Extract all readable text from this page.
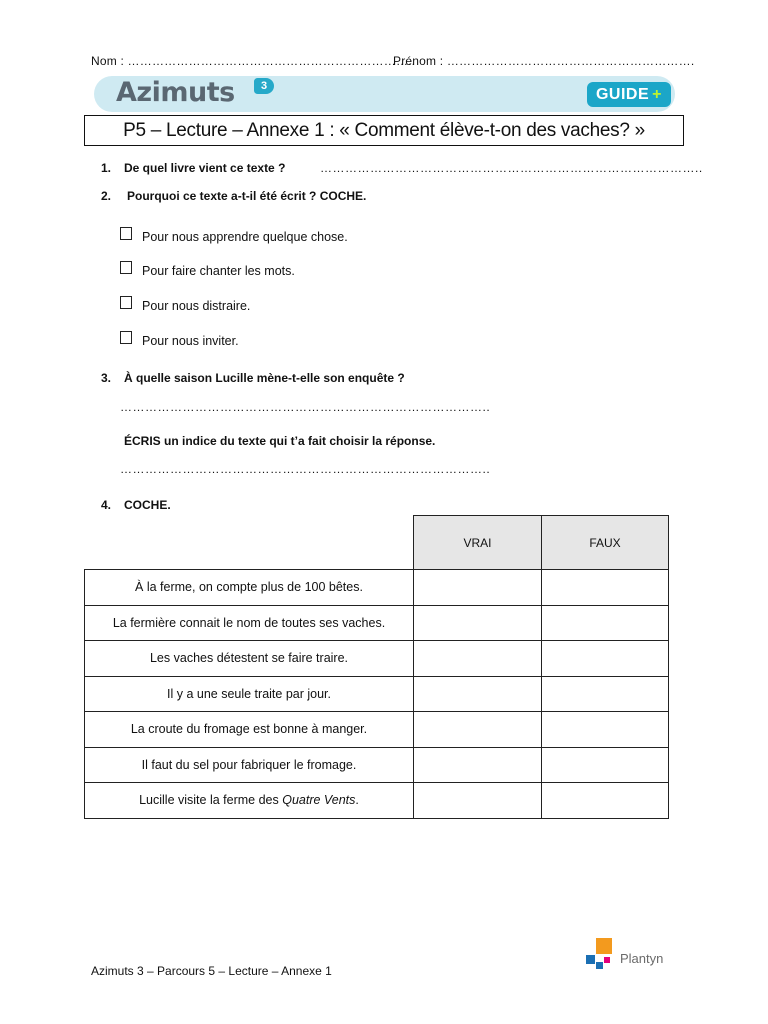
Nom : ……………………………………………………………..
Prénom : …………………………………………………….
Azimuts	3	GUIDE +
P5 – Lecture – Annexe 1 : « Comment élève-t-on des vaches? »
1. De quel livre vient ce texte ?	………………………………………………………………………………..
2. Pourquoi ce texte a-t-il été écrit ? COCHE.
Pour nous apprendre quelque chose.
Pour faire chanter les mots.
Pour nous distraire.
Pour nous inviter.
3. À quelle saison Lucille mène-t-elle son enquête ?
……………………………………………………………………………..
ÉCRIS un indice du texte qui t’a fait choisir la réponse.
……………………………………………………………………………..
4. COCHE.
	VRAI	FAUX
À la ferme, on compte plus de 100 bêtes.		
La fermière connait le nom de toutes ses vaches.		
Les vaches détestent se faire traire.		
Il y a une seule traite par jour.		
La croute du fromage est bonne à manger.		
Il faut du sel pour fabriquer le fromage.		
Lucille visite la ferme des Quatre Vents.		
Azimuts 3 – Parcours 5 – Lecture – Annexe 1
Plantyn
